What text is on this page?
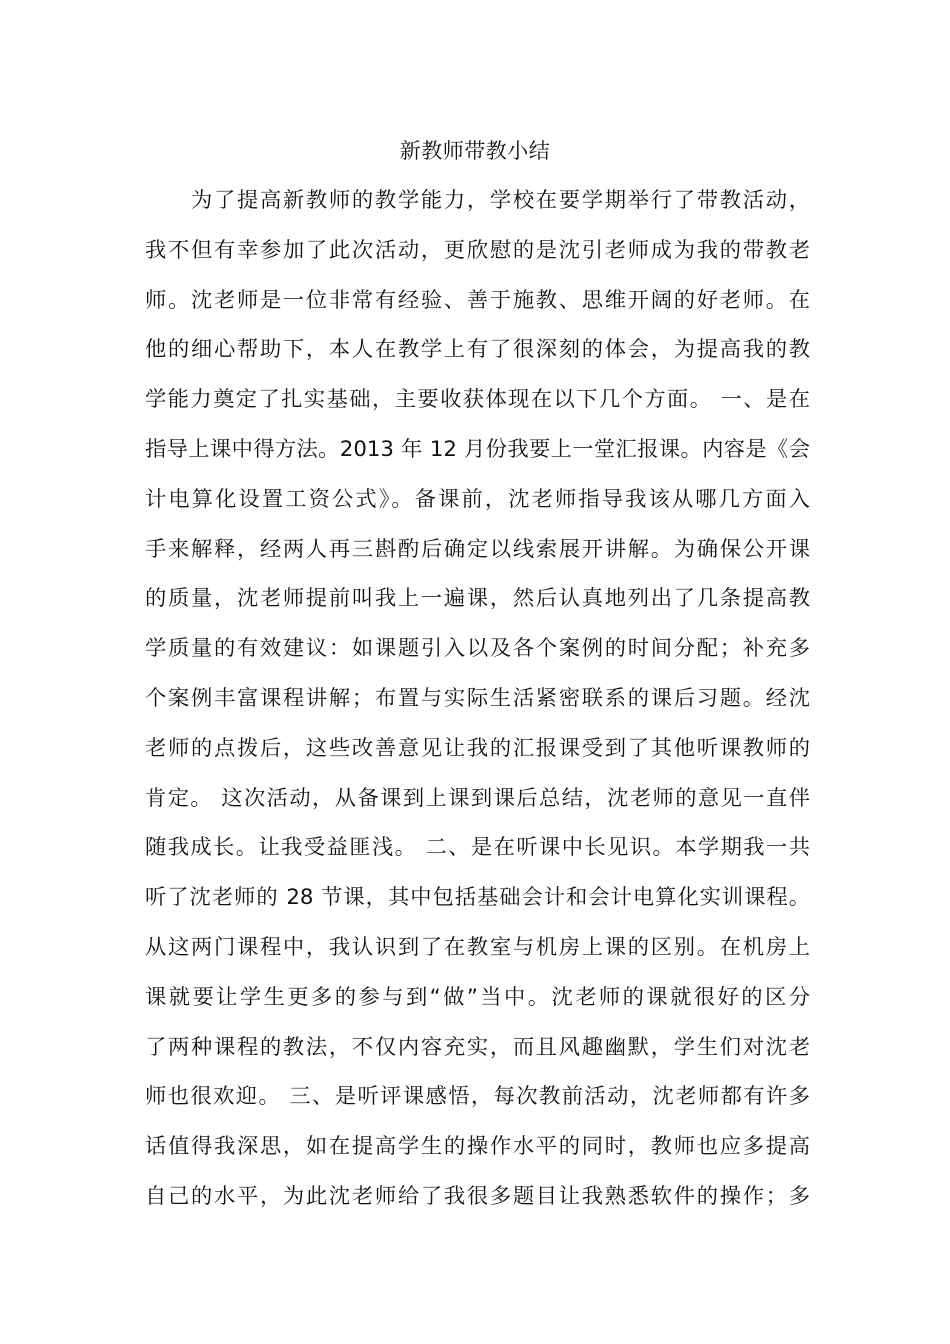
新教师带教小结
　　为了提高新教师的教学能力，学校在要学期举行了带教活动，
我不但有幸参加了此次活动，更欣慰的是沈引老师成为我的带教老
师。沈老师是一位非常有经验、善于施教、思维开阔的好老师。在
他的细心帮助下，本人在教学上有了很深刻的体会，为提高我的教
学能力奠定了扎实基础，主要收获体现在以下几个方面。 一、是在
指导上课中得方法。2013 年 12 月份我要上一堂汇报课。内容是《会
计电算化设置工资公式》。备课前，沈老师指导我该从哪几方面入
手来解释，经两人再三斟酌后确定以线索展开讲解。为确保公开课
的质量，沈老师提前叫我上一遍课，然后认真地列出了几条提高教
学质量的有效建议：如课题引入以及各个案例的时间分配；补充多
个案例丰富课程讲解；布置与实际生活紧密联系的课后习题。经沈
老师的点拨后，这些改善意见让我的汇报课受到了其他听课教师的
肯定。 这次活动，从备课到上课到课后总结，沈老师的意见一直伴
随我成长。让我受益匪浅。 二、是在听课中长见识。本学期我一共
听了沈老师的 28 节课，其中包括基础会计和会计电算化实训课程。
从这两门课程中，我认识到了在教室与机房上课的区别。在机房上
课就要让学生更多的参与到“做”当中。沈老师的课就很好的区分
了两种课程的教法，不仅内容充实，而且风趣幽默，学生们对沈老
师也很欢迎。 三、是听评课感悟，每次教前活动，沈老师都有许多
话值得我深思，如在提高学生的操作水平的同时，教师也应多提高
自己的水平，为此沈老师给了我很多题目让我熟悉软件的操作；多
